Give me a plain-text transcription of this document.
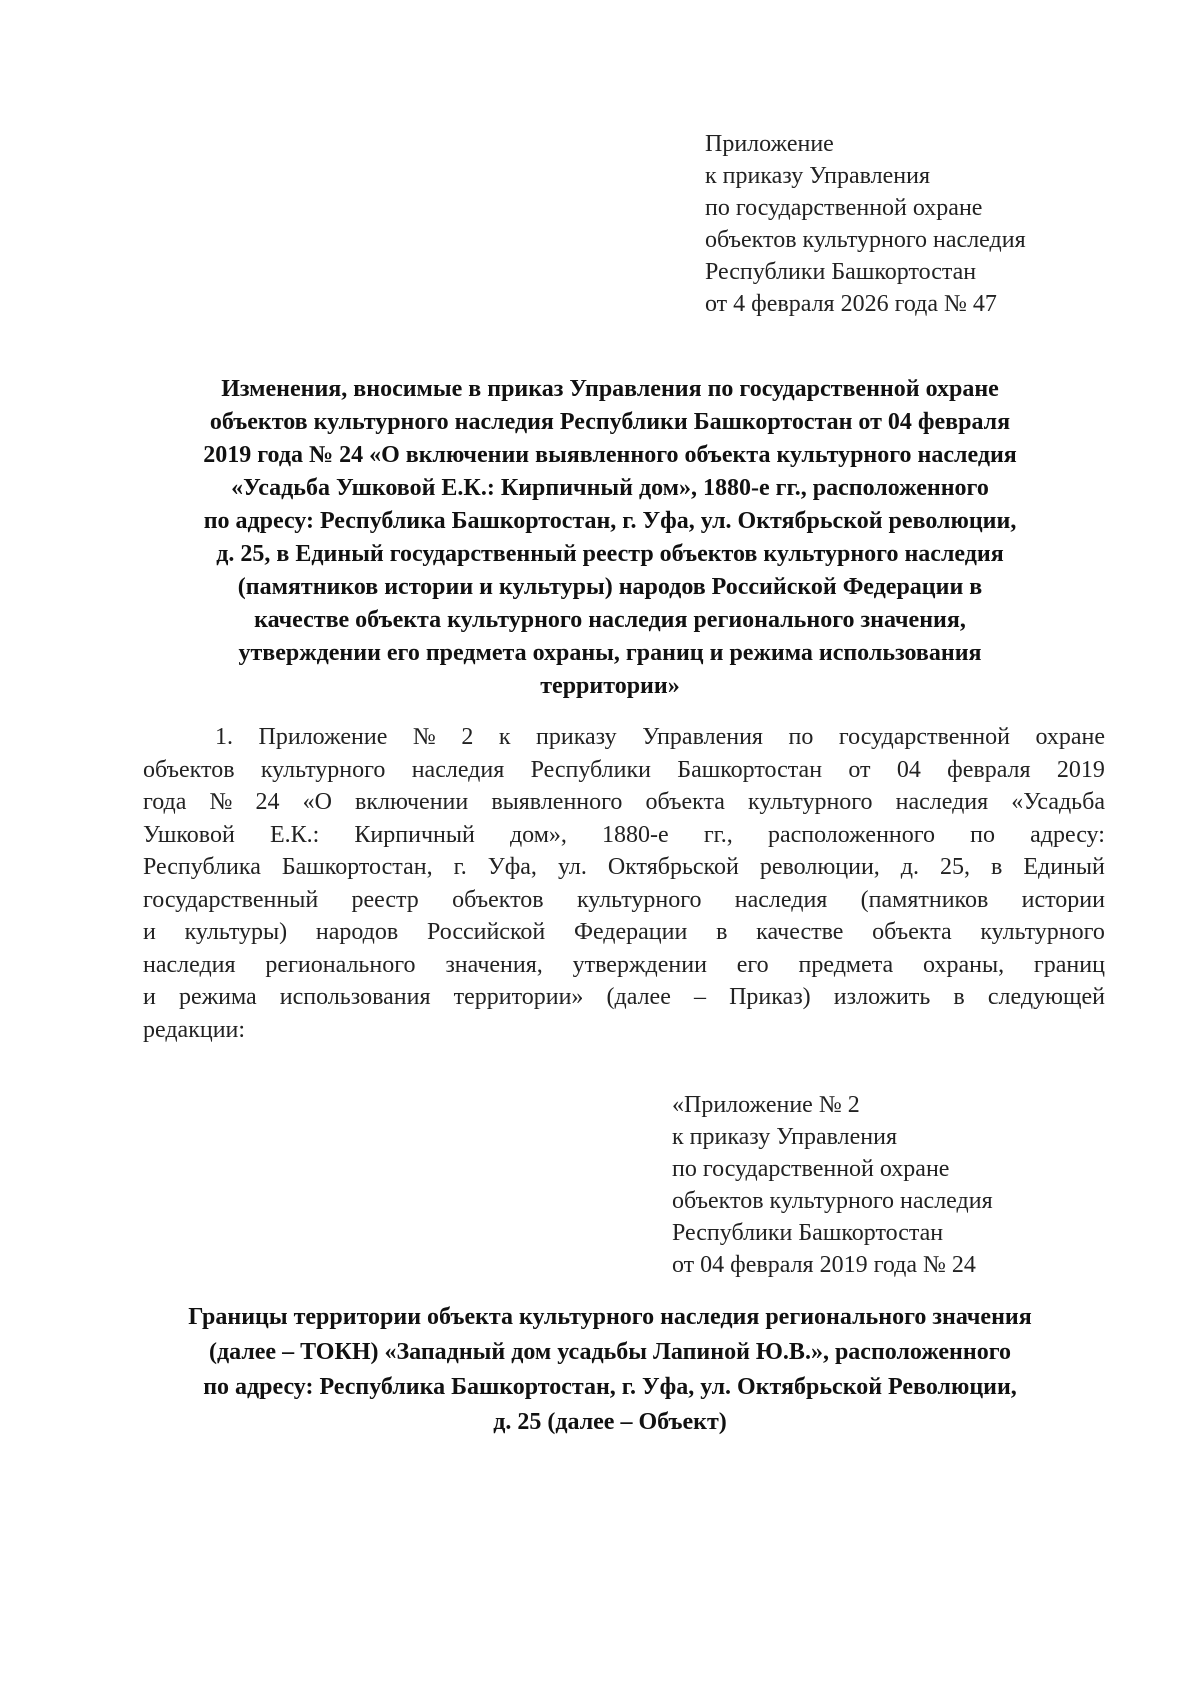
Приложение
к приказу Управления
по государственной охране
объектов культурного наследия
Республики Башкортостан
от 4 февраля 2026 года № 47
Изменения, вносимые в приказ Управления по государственной охране
объектов культурного наследия Республики Башкортостан от 04 февраля
2019 года № 24 «О включении выявленного объекта культурного наследия
«Усадьба Ушковой Е.К.: Кирпичный дом», 1880-е гг., расположенного
по адресу: Республика Башкортостан, г. Уфа, ул. Октябрьской революции,
д. 25, в Единый государственный реестр объектов культурного наследия
(памятников истории и культуры) народов Российской Федерации в
качестве объекта культурного наследия регионального значения,
утверждении его предмета охраны, границ и режима использования
территории»
1. Приложение № 2 к приказу Управления по государственной охране
объектов культурного наследия Республики Башкортостан от 04 февраля 2019
года № 24 «О включении выявленного объекта культурного наследия «Усадьба
Ушковой Е.К.: Кирпичный дом», 1880-е гг., расположенного по адресу:
Республика Башкортостан, г. Уфа, ул. Октябрьской революции, д. 25, в Единый
государственный реестр объектов культурного наследия (памятников истории
и культуры) народов Российской Федерации в качестве объекта культурного
наследия регионального значения, утверждении его предмета охраны, границ
и режима использования территории» (далее – Приказ) изложить в следующей
редакции:
«Приложение № 2
к приказу Управления
по государственной охране
объектов культурного наследия
Республики Башкортостан
от 04 февраля 2019 года № 24
Границы территории объекта культурного наследия регионального значения
(далее – ТОКН) «Западный дом усадьбы Лапиной Ю.В.», расположенного
по адресу: Республика Башкортостан, г. Уфа, ул. Октябрьской Революции,
д. 25 (далее – Объект)
